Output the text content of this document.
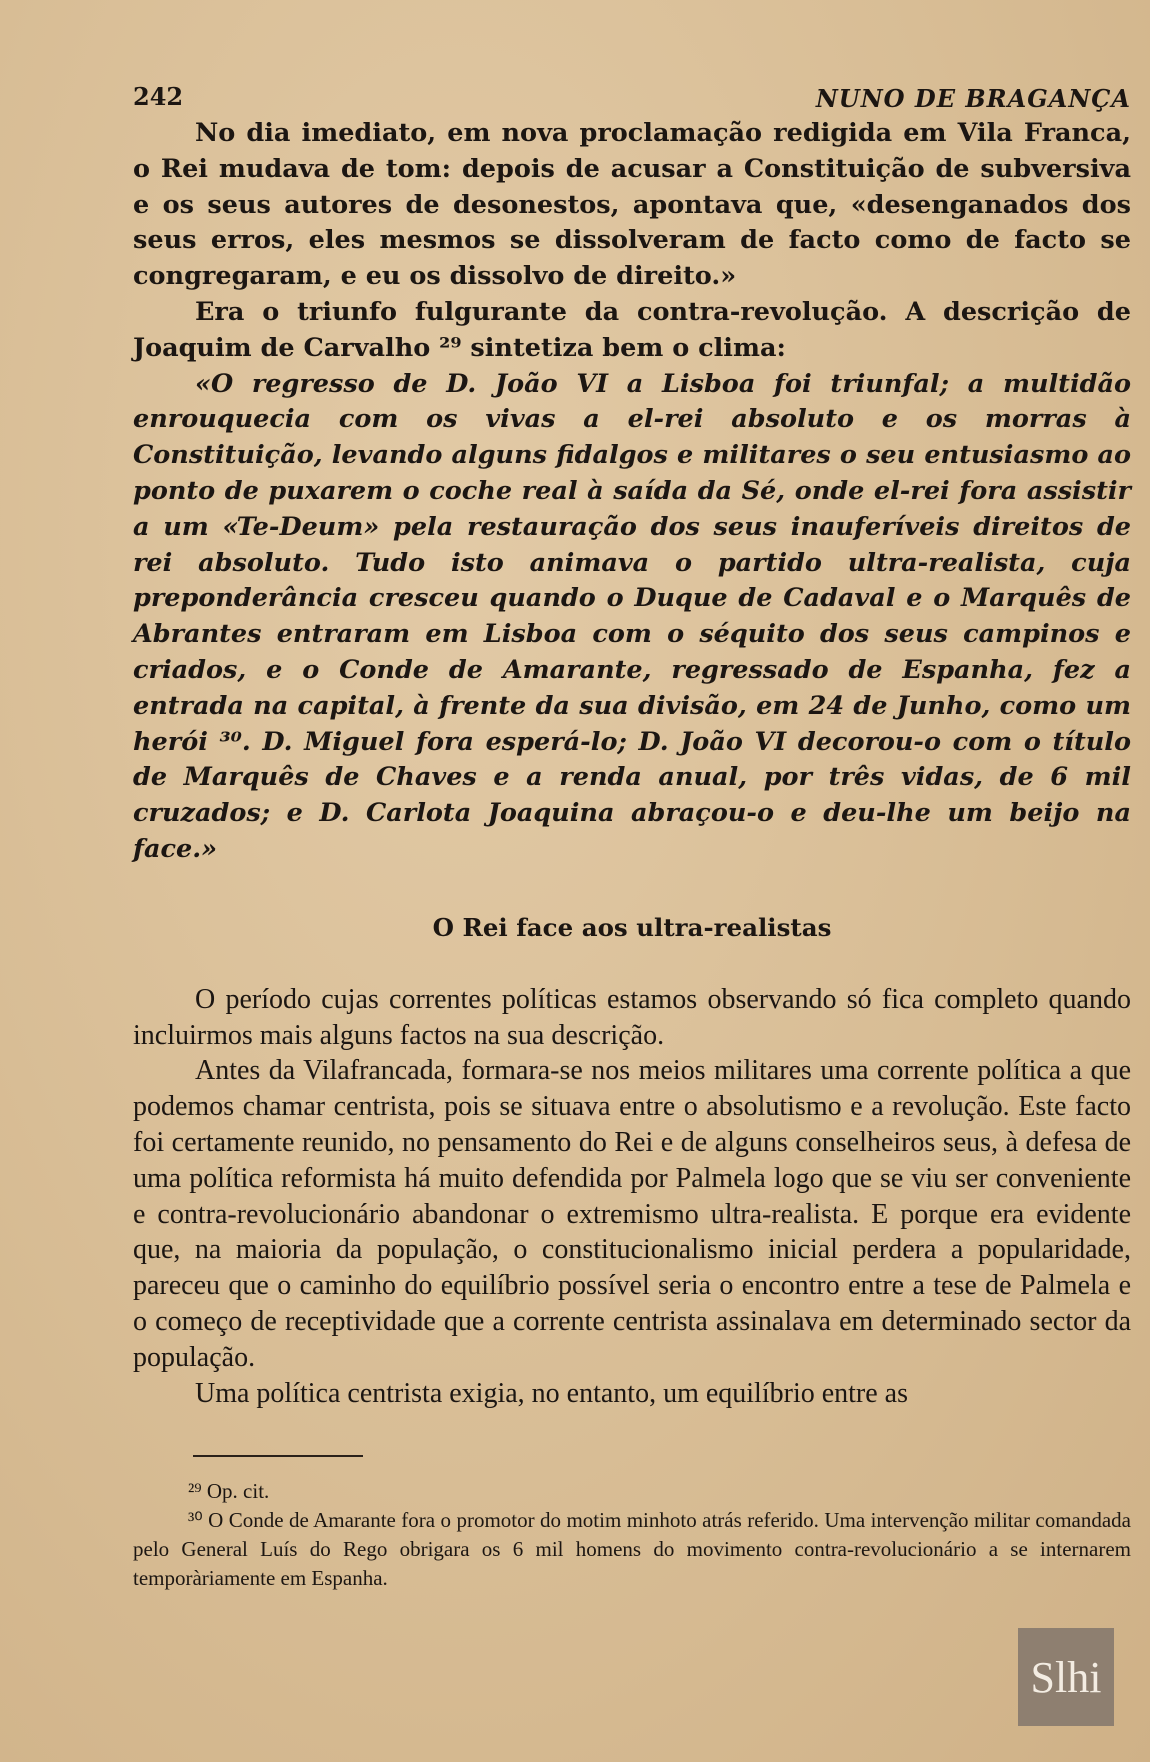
242	NUNO DE BRAGANÇA

No dia imediato, em nova proclamação redigida em Vila Franca, o Rei mudava de tom: depois de acusar a Constituição de subversiva e os seus autores de desonestos, apontava que, «desenganados dos seus erros, eles mesmos se dissolveram de facto como de facto se congregaram, e eu os dissolvo de direito.»

Era o triunfo fulgurante da contra-revolução. A descrição de Joaquim de Carvalho ²⁹ sintetiza bem o clima:

«O regresso de D. João VI a Lisboa foi triunfal; a multidão enrouquecia com os vivas a el-rei absoluto e os morras à Constituição, levando alguns fidalgos e militares o seu entusiasmo ao ponto de puxarem o coche real à saída da Sé, onde el-rei fora assistir a um «Te-Deum» pela restauração dos seus inauferíveis direitos de rei absoluto. Tudo isto animava o partido ultra-realista, cuja preponderância cresceu quando o Duque de Cadaval e o Marquês de Abrantes entraram em Lisboa com o séquito dos seus campinos e criados, e o Conde de Amarante, regressado de Espanha, fez a entrada na capital, à frente da sua divisão, em 24 de Junho, como um herói ³⁰. D. Miguel fora esperá-lo; D. João VI decorou-o com o título de Marquês de Chaves e a renda anual, por três vidas, de 6 mil cruzados; e D. Carlota Joaquina abraçou-o e deu-lhe um beijo na face.»

O Rei face aos ultra-realistas

O período cujas correntes políticas estamos observando só fica completo quando incluirmos mais alguns factos na sua descrição.

Antes da Vilafrancada, formara-se nos meios militares uma corrente política a que podemos chamar centrista, pois se situava entre o absolutismo e a revolução. Este facto foi certamente reunido, no pensamento do Rei e de alguns conselheiros seus, à defesa de uma política reformista há muito defendida por Palmela logo que se viu ser conveniente e contra-revolucionário abandonar o extremismo ultra-realista. E porque era evidente que, na maioria da população, o constitucionalismo inicial perdera a popularidade, pareceu que o caminho do equilíbrio possível seria o encontro entre a tese de Palmela e o começo de receptividade que a corrente centrista assinalava em determinado sector da população.

Uma política centrista exigia, no entanto, um equilíbrio entre as

²⁹ Op. cit.

³⁰ O Conde de Amarante fora o promotor do motim minhoto atrás referido. Uma intervenção militar comandada pelo General Luís do Rego obrigara os 6 mil homens do movimento contra-revolucionário a se internarem temporàriamente em Espanha.

Slhi
